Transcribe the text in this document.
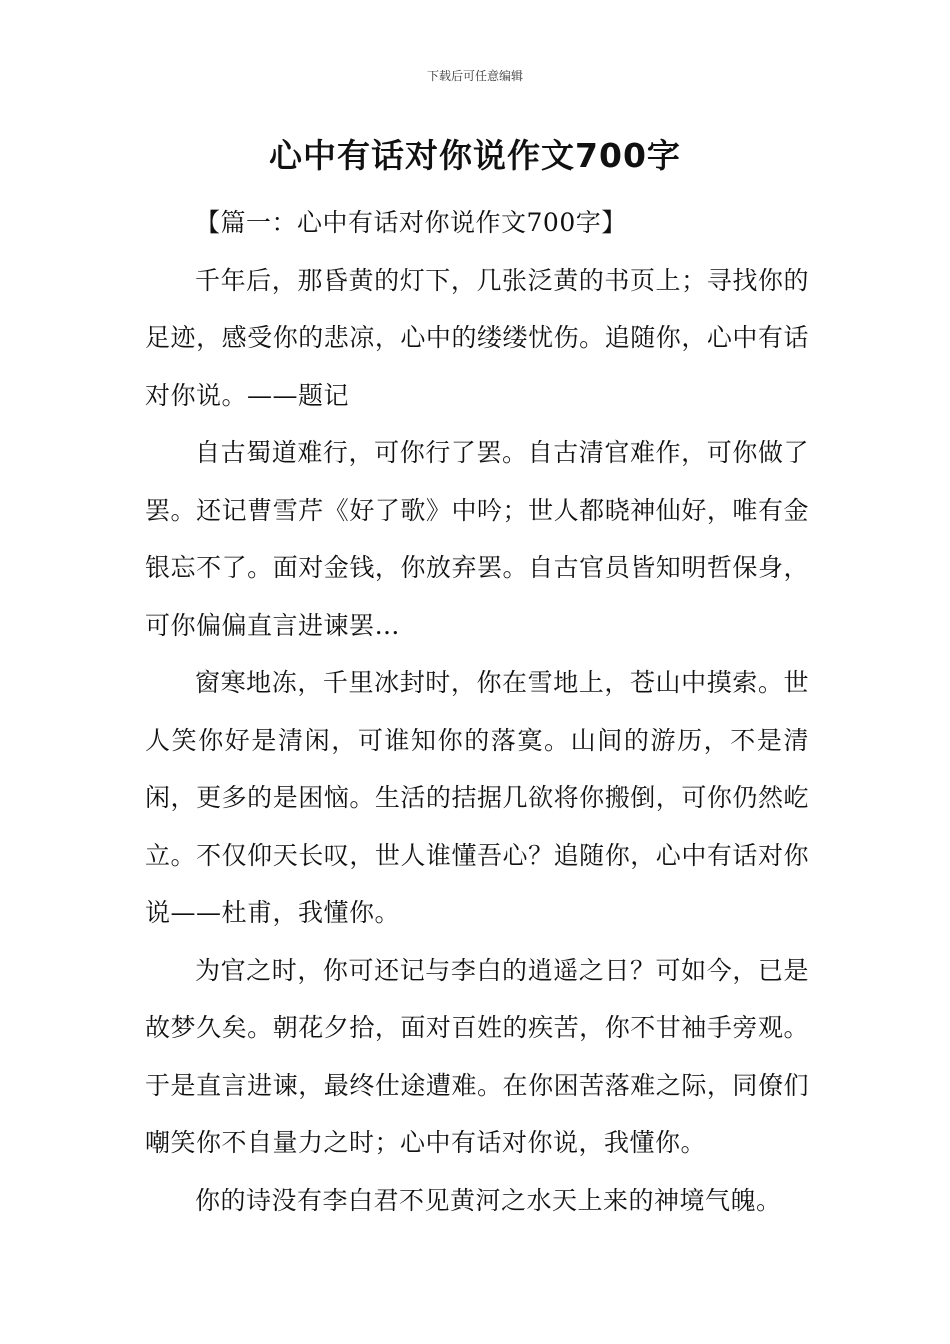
下载后可任意编辑
心中有话对你说作文700字

【篇一：心中有话对你说作文700字】

千年后，那昏黄的灯下，几张泛黄的书页上；寻找你的足迹，感受你的悲凉，心中的缕缕忧伤。追随你，心中有话对你说。——题记

自古蜀道难行，可你行了罢。自古清官难作，可你做了罢。还记曹雪芹《好了歌》中吟；世人都晓神仙好，唯有金银忘不了。面对金钱，你放弃罢。自古官员皆知明哲保身，可你偏偏直言进谏罢…

窗寒地冻，千里冰封时，你在雪地上，苍山中摸索。世人笑你好是清闲，可谁知你的落寞。山间的游历，不是清闲，更多的是困恼。生活的拮据几欲将你搬倒，可你仍然屹立。不仅仰天长叹，世人谁懂吾心？追随你，心中有话对你说——杜甫，我懂你。

为官之时，你可还记与李白的逍遥之日？可如今，已是故梦久矣。朝花夕拾，面对百姓的疾苦，你不甘袖手旁观。于是直言进谏，最终仕途遭难。在你困苦落难之际，同僚们嘲笑你不自量力之时；心中有话对你说，我懂你。

你的诗没有李白君不见黄河之水天上来的神境气魄。
